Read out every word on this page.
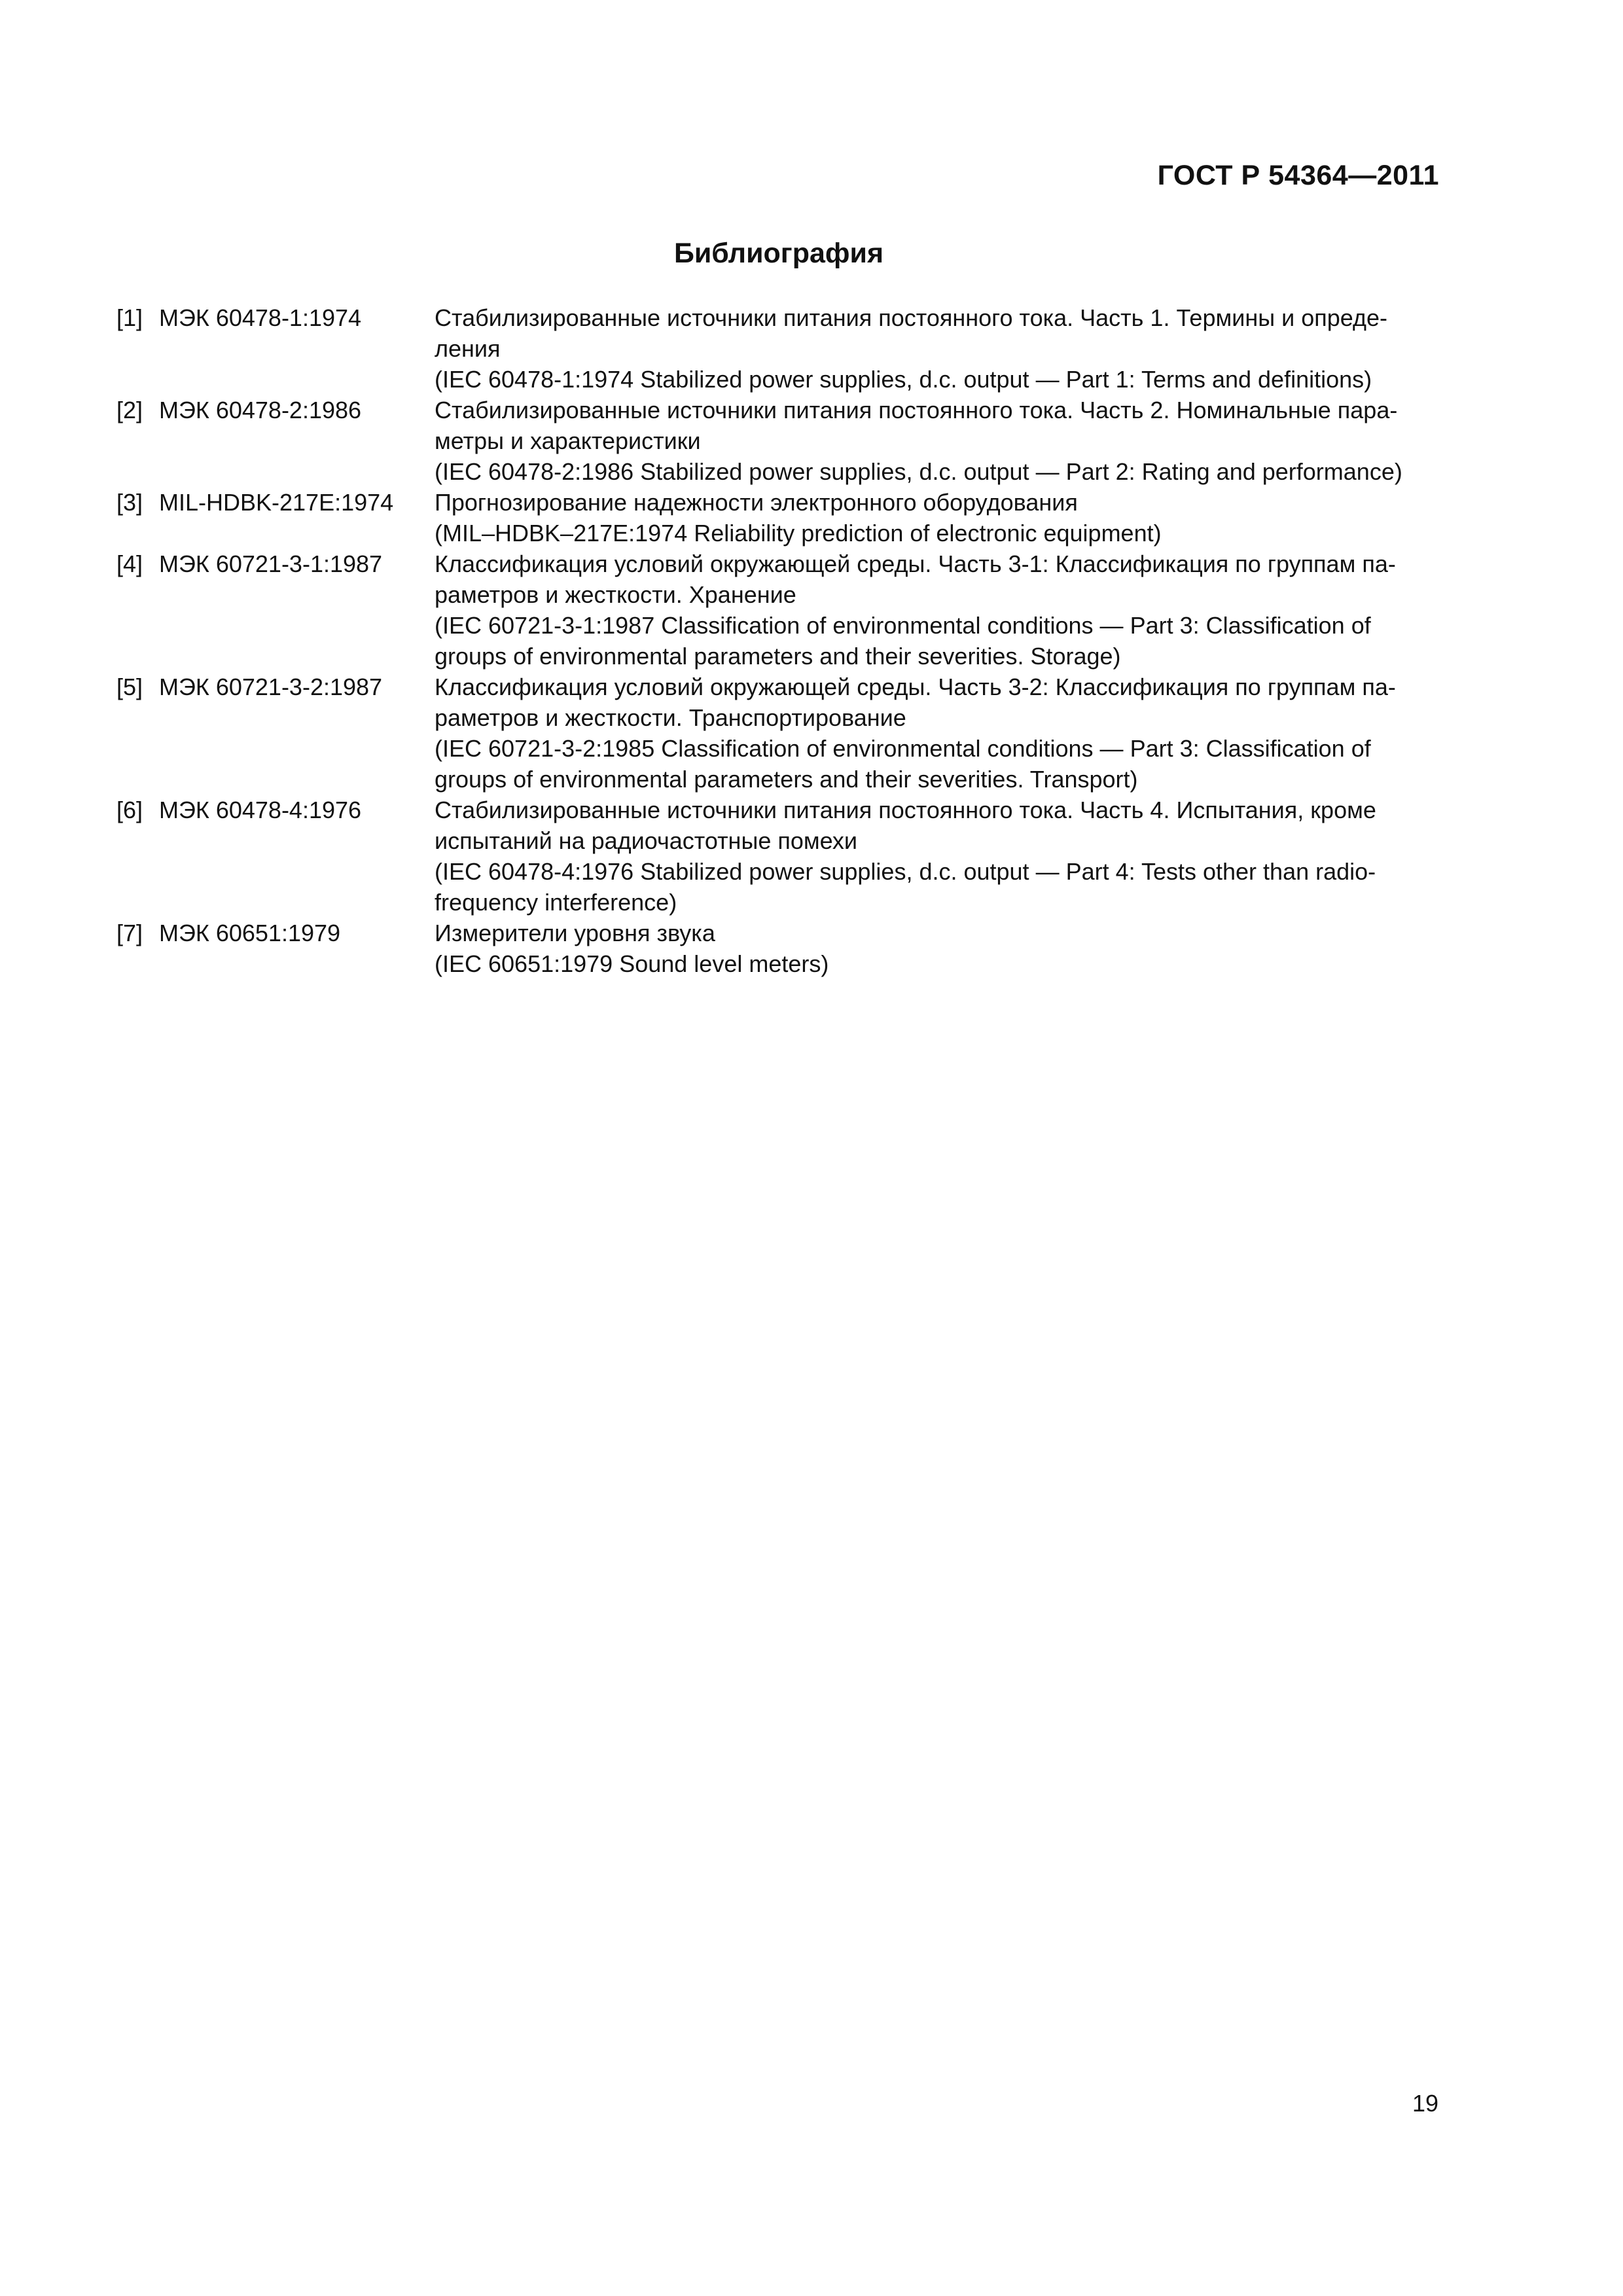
ГОСТ Р 54364—2011
Библиография
[1] МЭК 60478-1:1974	Стабилизированные источники питания постоянного тока. Часть 1. Термины и опреде-
ления
(IEC 60478-1:1974 Stabilized power supplies, d.c. output — Part 1: Terms and definitions)
[2] МЭК 60478-2:1986	Стабилизированные источники питания постоянного тока. Часть 2. Номинальные пара-
метры и характеристики
(IEC 60478-2:1986 Stabilized power supplies, d.c. output — Part 2: Rating and performance)
[3] MIL-HDBK-217E:1974	Прогнозирование надежности электронного оборудования
(MIL–HDBK–217E:1974 Reliability prediction of electronic equipment)
[4] МЭК 60721-3-1:1987	Классификация условий окружающей среды. Часть 3-1: Классификация по группам па-
раметров и жесткости. Хранение
(IEC 60721-3-1:1987 Classification of environmental conditions — Part 3: Classification of
groups of environmental parameters and their severities. Storage)
[5] МЭК 60721-3-2:1987	Классификация условий окружающей среды. Часть 3-2: Классификация по группам па-
раметров и жесткости. Транспортирование
(IEC 60721-3-2:1985 Classification of environmental conditions — Part 3: Classification of
groups of environmental parameters and their severities. Transport)
[6] МЭК 60478-4:1976	Стабилизированные источники питания постоянного тока. Часть 4. Испытания, кроме
испытаний на радиочастотные помехи
(IEC 60478-4:1976 Stabilized power supplies, d.c. output — Part 4: Tests other than radio-
frequency interference)
[7] МЭК 60651:1979	Измерители уровня звука
(IEC 60651:1979 Sound level meters)
19
